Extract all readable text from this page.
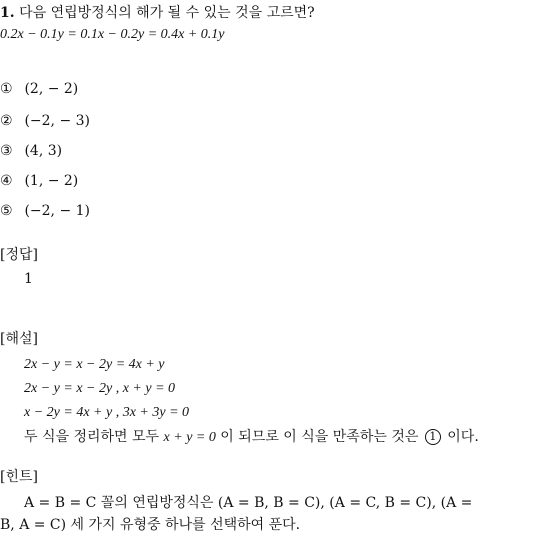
1. 다음 연립방정식의 해가 될 수 있는 것을 고르면?
0.2x − 0.1y = 0.1x − 0.2y = 0.4x + 0.1y
① (2, − 2)
② (−2, − 3)
③ (4, 3)
④ (1, − 2)
⑤ (−2, − 1)
[정답]
1
[해설]
2x − y = x − 2y = 4x + y
2x − y = x − 2y , x + y = 0
x − 2y = 4x + y , 3x + 3y = 0
두 식을 정리하면 모두 x + y = 0 이 되므로 이 식을 만족하는 것은 1 이다.
[힌트]
A = B = C 꼴의 연립방정식은 (A = B, B = C), (A = C, B = C), (A =
B, A = C) 세 가지 유형중 하나를 선택하여 푼다.
